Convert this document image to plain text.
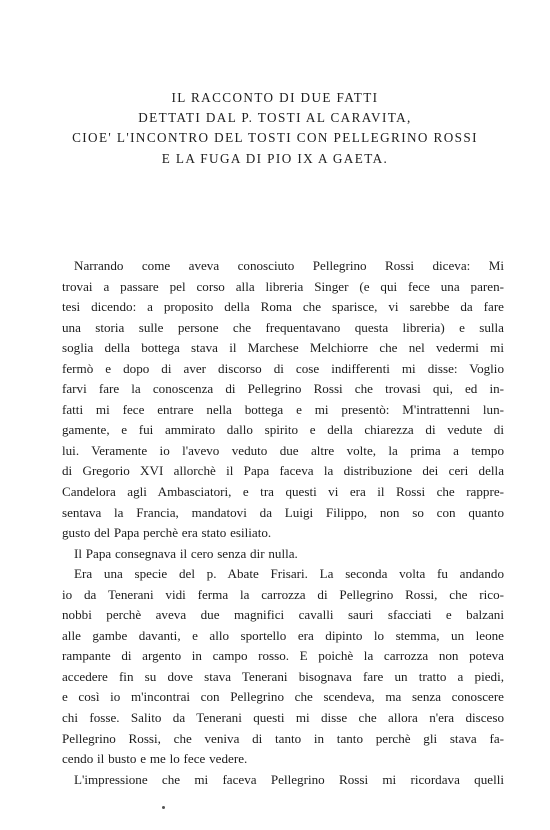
IL RACCONTO DI DUE FATTI
DETTATI DAL P. TOSTI AL CARAVITA,
CIOE' L'INCONTRO DEL TOSTI CON PELLEGRINO ROSSI
E LA FUGA DI PIO IX A GAETA.
Narrando come aveva conosciuto Pellegrino Rossi diceva: Mi
trovai a passare pel corso alla libreria Singer (e qui fece una paren-
tesi dicendo: a proposito della Roma che sparisce, vi sarebbe da fare
una storia sulle persone che frequentavano questa libreria) e sulla
soglia della bottega stava il Marchese Melchiorre che nel vedermi mi
fermò e dopo di aver discorso di cose indifferenti mi disse: Voglio
farvi fare la conoscenza di Pellegrino Rossi che trovasi qui, ed in-
fatti mi fece entrare nella bottega e mi presentò: M'intrattenni lun-
gamente, e fui ammirato dallo spirito e della chiarezza di vedute di
lui. Veramente io l'avevo veduto due altre volte, la prima a tempo
di Gregorio XVI allorchè il Papa faceva la distribuzione dei ceri della
Candelora agli Ambasciatori, e tra questi vi era il Rossi che rappre-
sentava la Francia, mandatovi da Luigi Filippo, non so con quanto
gusto del Papa perchè era stato esiliato.
Il Papa consegnava il cero senza dir nulla.
Era una specie del p. Abate Frisari. La seconda volta fu andando
io da Tenerani vidi ferma la carrozza di Pellegrino Rossi, che rico-
nobbi perchè aveva due magnifici cavalli sauri sfacciati e balzani
alle gambe davanti, e allo sportello era dipinto lo stemma, un leone
rampante di argento in campo rosso. E poichè la carrozza non poteva
accedere fin su dove stava Tenerani bisognava fare un tratto a piedi,
e così io m'incontrai con Pellegrino che scendeva, ma senza conoscere
chi fosse. Salito da Tenerani questi mi disse che allora n'era disceso
Pellegrino Rossi, che veniva di tanto in tanto perchè gli stava fa-
cendo il busto e me lo fece vedere.
L'impressione che mi faceva Pellegrino Rossi mi ricordava quelli
